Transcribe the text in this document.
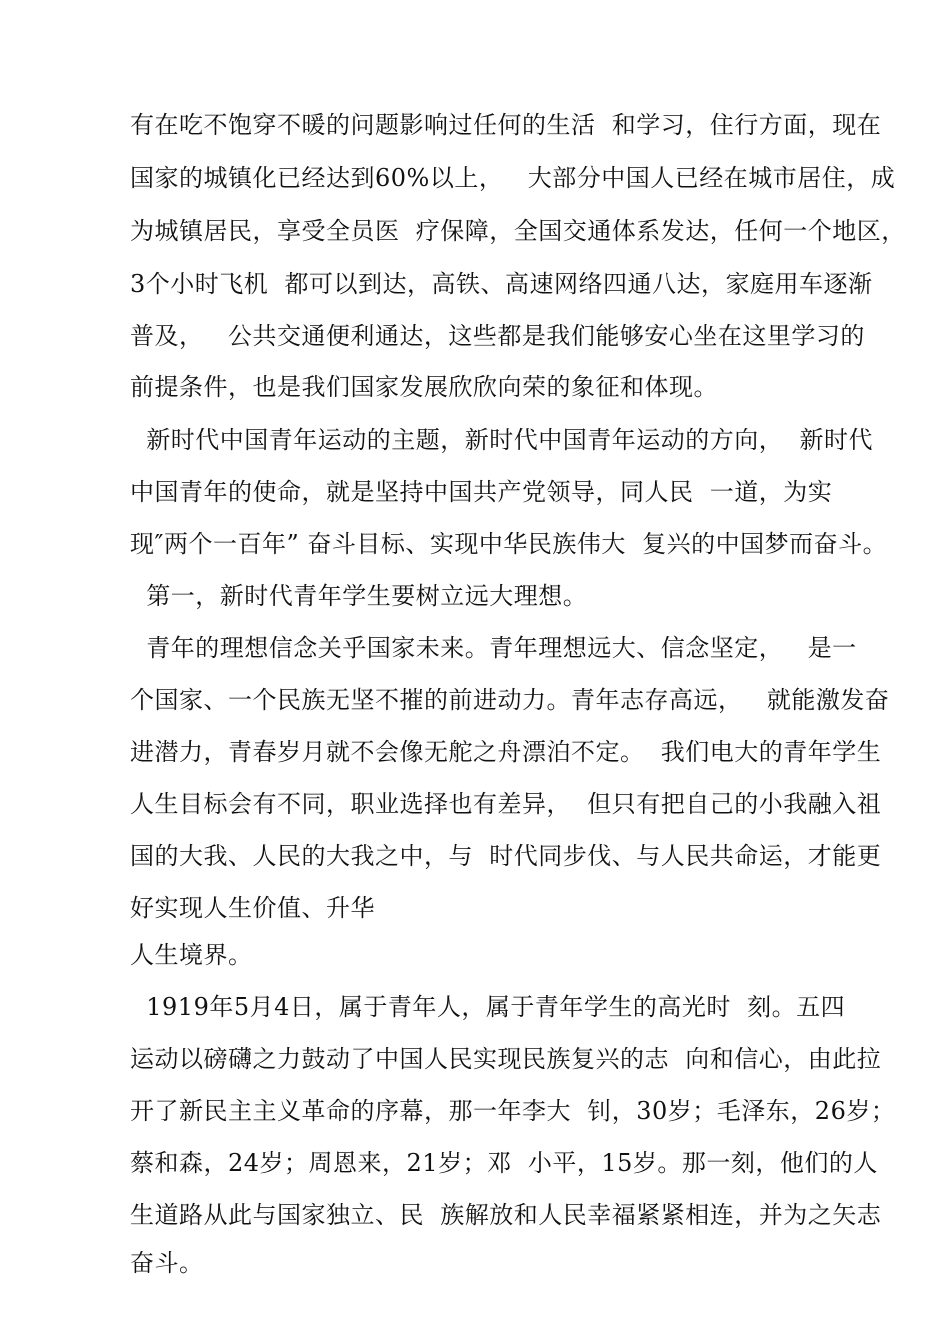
有在吃不饱穿不暖的问题影响过任何的生活  和学习，住行方面，现在
国家的城镇化已经达到60%以上，   大部分中国人已经在城市居住，成
为城镇居民，享受全员医  疗保障，全国交通体系发达，任何一个地区，
3个小时飞机  都可以到达，高铁、高速网络四通八达，家庭用车逐渐
普及，   公共交通便利通达，这些都是我们能够安心坐在这里学习的
前提条件，也是我们国家发展欣欣向荣的象征和体现。
新时代中国青年运动的主题，新时代中国青年运动的方向，  新时代
中国青年的使命，就是坚持中国共产党领导，同人民  一道，为实
现″两个一百年” 奋斗目标、实现中华民族伟大  复兴的中国梦而奋斗。
第一，新时代青年学生要树立远大理想。
青年的理想信念关乎国家未来。青年理想远大、信念坚定，   是一
个国家、一个民族无坚不摧的前进动力。青年志存高远，   就能激发奋
进潜力，青春岁月就不会像无舵之舟漂泊不定。  我们电大的青年学生
人生目标会有不同，职业选择也有差异，  但只有把自己的小我融入祖
国的大我、人民的大我之中，与  时代同步伐、与人民共命运，才能更
好实现人生价值、升华
人生境界。
1919年5月4日，属于青年人，属于青年学生的高光时  刻。五四
运动以磅礴之力鼓动了中国人民实现民族复兴的志  向和信心，由此拉
开了新民主主义革命的序幕，那一年李大  钊，30岁；毛泽东，26岁；
蔡和森，24岁；周恩来，21岁；邓  小平，15岁。那一刻，他们的人
生道路从此与国家独立、民  族解放和人民幸福紧紧相连，并为之矢志
奋斗。
